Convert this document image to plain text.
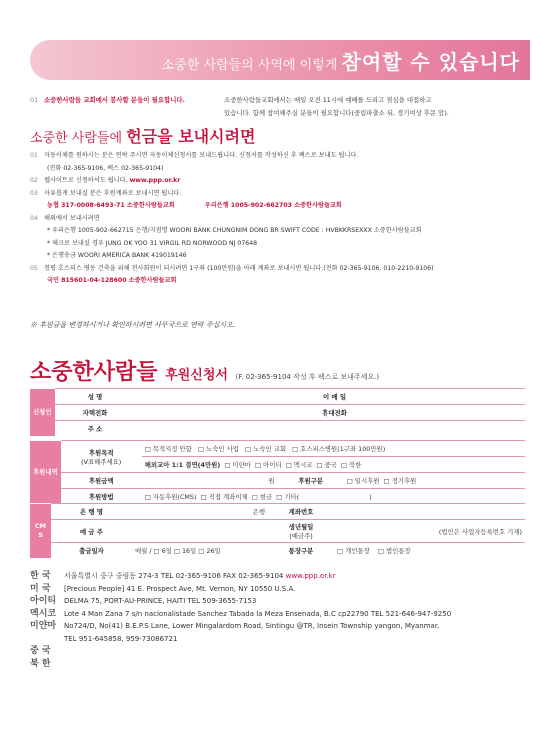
소중한 사람들의 사역에 이렇게 참여할 수 있습니다
01 소중한사람들 교회에서 봉사할 분들이 필요합니다.	소중한사람들교회에서는 매일 오전 11시에 예배를 드리고 점심을 대접하고
있습니다. 함께 참여해주실 분들이 필요합니다(중림파출소 뒤, 경기여상 후문 앞).
소중한 사람들에 헌금을 보내시려면
01 자동이체를 원하시는 분은 연락 주시면 자동이체신청서를 보내드립니다. 신청서를 작성하신 후 팩스로 보내도 됩니다.
(전화 02-365-9106, 팩스 02-365-9104)
02 웹사이트로 신청하셔도 됩니다. www.ppp.or.kr
03 자유롭게 보내실 분은 후원계좌로 보내시면 됩니다.
농협 317-0008-6493-71 소중한사람들교회	우리은행 1005-902-662703 소중한사람들교회
04 해외에서 보내시려면
* 우리은행 1005-902-662715 은행/지점명 WOORI BANK CHUNGNIM DONG BR SWIFT CODE : HVBKKRSEXXX 소중한사람들교회
* 체크로 보내실 경우 JUNG OK YOO 31 VIRGIL RD NORWOOD NJ 07648
* 은행송금 WOORI AMERICA BANK 419019146
05 청평 호스피스 병동 건축을 위해 전사회원이 되시려면 1구좌 (100만원)을 아래 계좌로 보내시면 됩니다.(전화 02-365-9106, 010-2210-9106)
국민 815601-04-128600 소중한사람들교회
※ 후원금을 변경하시거나 확인하시려면 사무국으로 연락 주십시오.
소중한사람들 후원신청서 (F. 02-365-9104 작성 후 팩스로 보내주세요.)
신청인	성 명		이 메 일	
	자택전화		휴대전화	
	주 소			
후원내역	후원목적
(V표해주세요)	□ 목적지정 안함 □ 노숙인 사업 □ 노숙인 교회 □ 호스피스병원(1구좌 100만원)		
		해외교아 1:1 결연(4만원) □ 미얀마 □ 아이티 □ 멕시코 □ 중국 □ 북한		
	후원금액	원	후원구분	□ 일시후원 □ 정기후원
	후원방법	□ 자동후원(CMS) □ 직접 계좌이체 □ 현금 □ 기타( )		
CMS	은 행 명	은행	계좌번호	
	예 금 주		생년월일
(예금주)	(법인은 사업자등록번호 기재)
	출금일자	매월 / □ 6일 □ 16일 □ 26일	통장구분	□ 개인통장 □ 법인통장
한 국 서울특별시 중구 중림동 274-3 TEL 02-365-9106 FAX 02-365-9104 www.ppp.or.kr
미 국 [Precious People] 41 E. Prospect Ave, Mt. Vernon, NY 10550 U.S.A.
아이티 DELMA 75, PORT-AU-PRINCE, HAITI TEL 509-3655-7153
멕시코 Lote 4 Man Zana 7 s/n nacionalistade Sanchez Tabada la Meza Ensenada, B.C cp22790 TEL 521-646-947-9250
미얀마 No724/D, No(41) B.E.P.S Lane, Lower Mingalardom Road, Sintingu @TR, Insein Township yangon, Myanmar.
TEL 951-645858, 959-73086721
중 국
북 한
